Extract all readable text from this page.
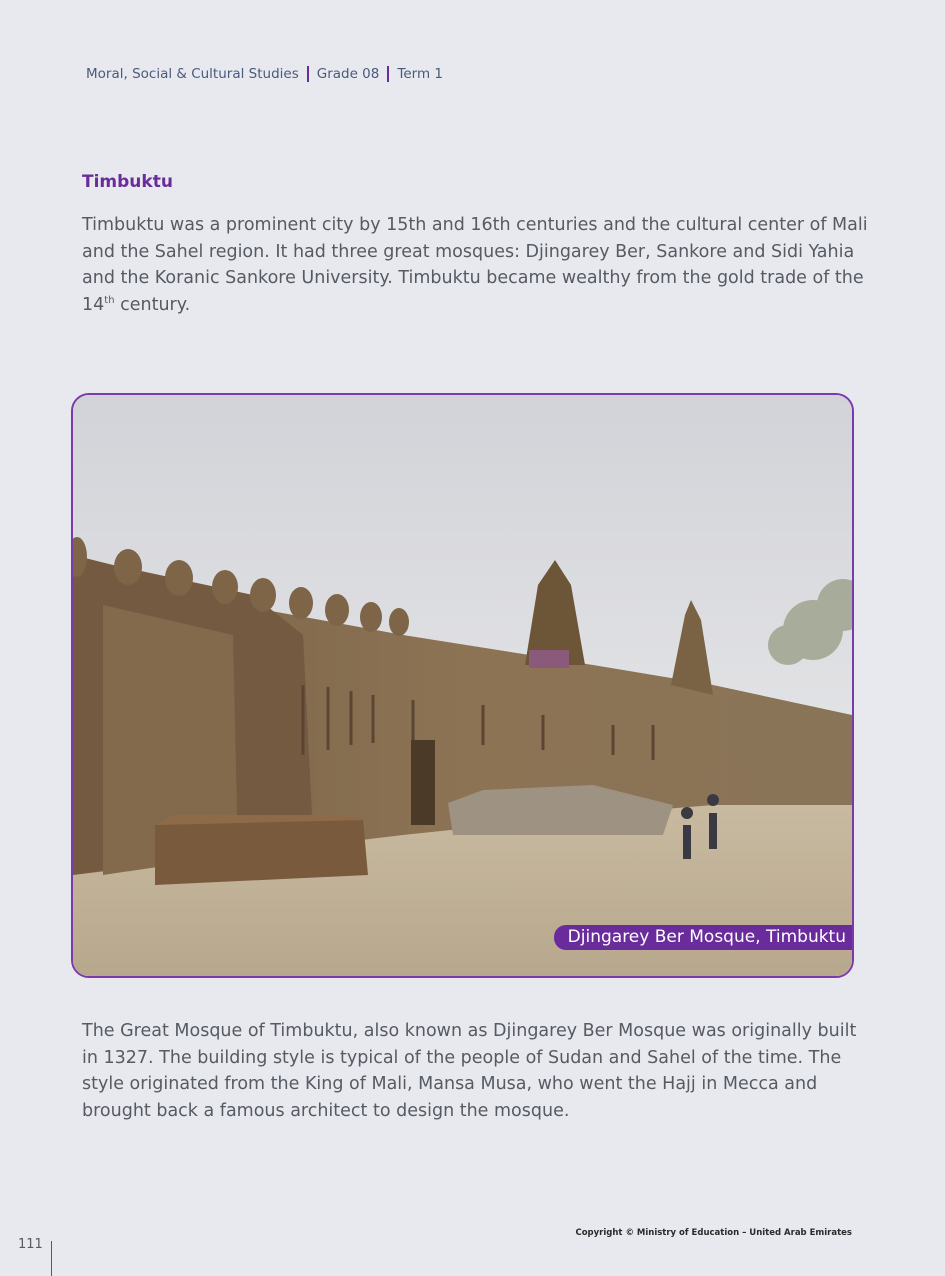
Moral, Social & Cultural Studies Grade 08 Term 1
Timbuktu

Timbuktu was a prominent city by 15th and 16th centuries and the cultural center of Mali and the Sahel region. It had three great mosques: Djingarey Ber, Sankore and Sidi Yahia and the Koranic Sankore University. Timbuktu became wealthy from the gold trade of the 14th century.

Djingarey Ber Mosque, Timbuktu

The Great Mosque of Timbuktu, also known as Djingarey Ber Mosque was originally built in 1327. The building style is typical of the people of Sudan and Sahel of the time. The style originated from the King of Mali, Mansa Musa, who went the Hajj in Mecca and brought back a famous architect to design the mosque.

Copyright © Ministry of Education – United Arab Emirates
111
